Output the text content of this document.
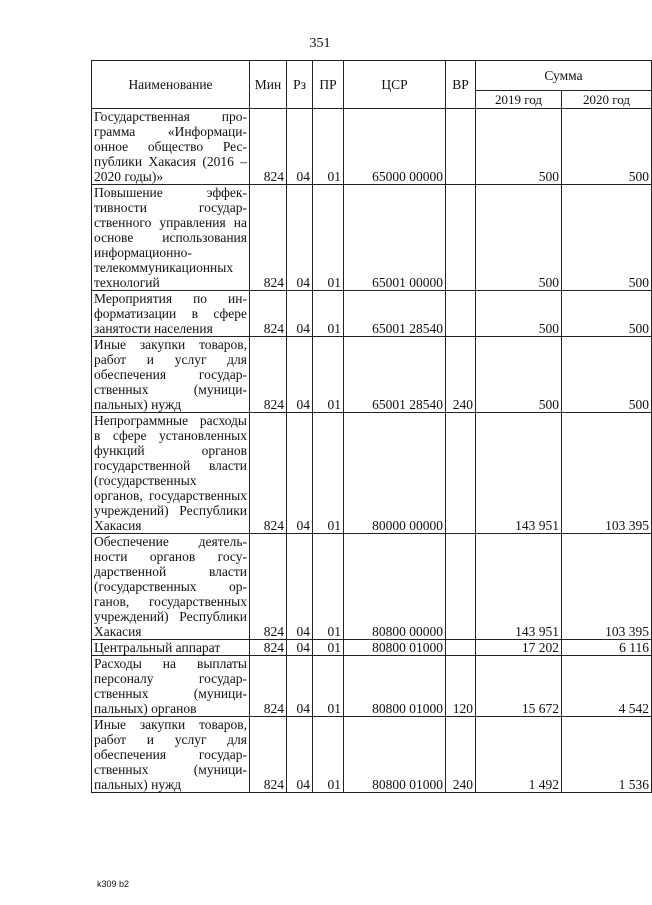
351
Наименование	Мин	Рз	ПР	ЦСР	ВР	Сумма	
						2019 год	2020 год
Государственная программа «Информационное общество Республики Хакасия (2016 – 2020 годы)»	824	04	01	65000 00000		500	500
Повышение эффективности государственного управления на основе использования информационно-телекоммуникационных технологий	824	04	01	65001 00000		500	500
Мероприятия по информатизации в сфере занятости населения	824	04	01	65001 28540		500	500
Иные закупки товаров, работ и услуг для обеспечения государственных (муниципальных) нужд	824	04	01	65001 28540	240	500	500
Непрограммные расходы в сфере установленных функций органов государственной власти (государственных органов, государственных учреждений) Республики Хакасия	824	04	01	80000 00000		143 951	103 395
Обеспечение деятельности органов государственной власти (государственных органов, государственных учреждений) Республики Хакасия	824	04	01	80800 00000		143 951	103 395
Центральный аппарат	824	04	01	80800 01000		17 202	6 116
Расходы на выплаты персоналу государственных (муниципальных) органов	824	04	01	80800 01000	120	15 672	4 542
Иные закупки товаров, работ и услуг для обеспечения государственных (муниципальных) нужд	824	04	01	80800 01000	240	1 492	1 536
k309 b2
